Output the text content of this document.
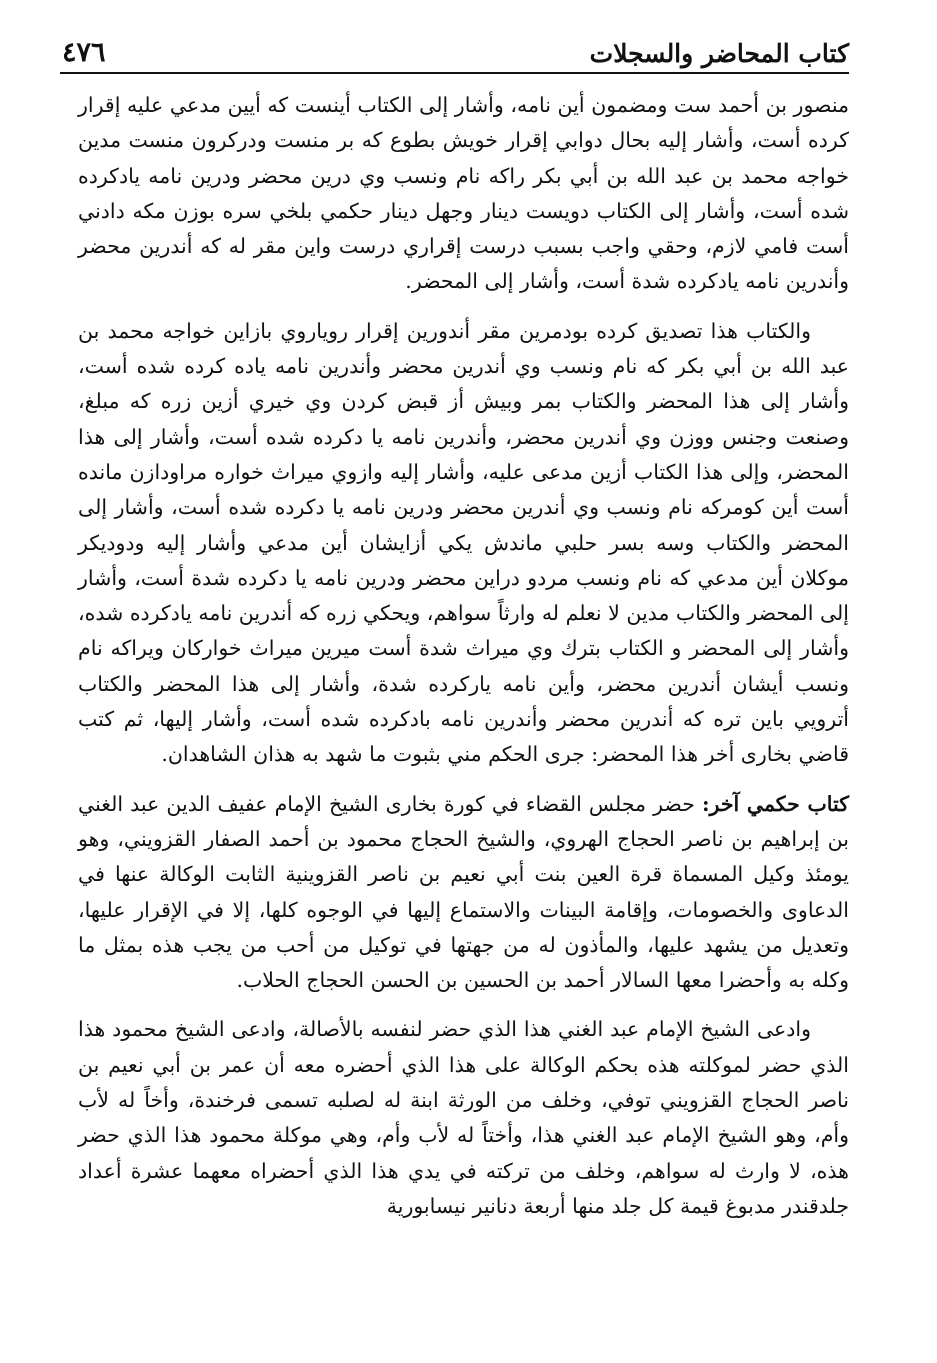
كتاب المحاضر والسجلات
٤٧٦

منصور بن أحمد ست ومضمون أين نامه، وأشار إلى الكتاب أينست كه أيين مدعي عليه إقرار كرده أست، وأشار إليه بحال دوابي إقرار خويش بطوع كه بر منست ودركرون منست مدين خواجه محمد بن عبد الله بن أبي بكر راكه نام ونسب وي درين محضر ودرين نامه يادكرده شده أست، وأشار إلى الكتاب دويست دينار وجهل دينار حكمي بلخي سره بوزن مكه دادني أست فامي لازم، وحقي واجب بسبب درست إقراري درست واين مقر له كه أندرين محضر وأندرين نامه يادكرده شدة أست، وأشار إلى المحضر.

والكتاب هذا تصديق كرده بودمرين مقر أندورين إقرار روياروي بازاين خواجه محمد بن عبد الله بن أبي بكر كه نام ونسب وي أندرين محضر وأندرين نامه ياده كرده شده أست، وأشار إلى هذا المحضر والكتاب بمر وبيش أز قبض كردن وي خيري أزين زره كه مبلغ، وصنعت وجنس ووزن وي أندرين محضر، وأندرين نامه يا دكرده شده أست، وأشار إلى هذا المحضر، وإلى هذا الكتاب أزين مدعى عليه، وأشار إليه وازوي ميراث خواره مراودازن مانده أست أين كومركه نام ونسب وي أندرين محضر ودرين نامه يا دكرده شده أست، وأشار إلى المحضر والكتاب وسه بسر حلبي ماندش يكي أزايشان أين مدعي وأشار إليه ودوديكر موكلان أين مدعي كه نام ونسب مردو دراين محضر ودرين نامه يا دكرده شدة أست، وأشار إلى المحضر والكتاب مدين لا نعلم له وارثاً سواهم، ويحكي زره كه أندرين نامه يادكرده شده، وأشار إلى المحضر و الكتاب بترك وي ميراث شدة أست ميرين ميراث خواركان ويراكه نام ونسب أيشان أندرين محضر، وأين نامه ياركرده شدة، وأشار إلى هذا المحضر والكتاب أترويي باين تره كه أندرين محضر وأندرين نامه بادكرده شده أست، وأشار إليها، ثم كتب قاضي بخارى أخر هذا المحضر: جرى الحكم مني بثبوت ما شهد به هذان الشاهدان.

كتاب حكمي آخر: حضر مجلس القضاء في كورة بخارى الشيخ الإمام عفيف الدين عبد الغني بن إبراهيم بن ناصر الحجاج الهروي، والشيخ الحجاج محمود بن أحمد الصفار القزويني، وهو يومئذ وكيل المسماة قرة العين بنت أبي نعيم بن ناصر القزوينية الثابت الوكالة عنها في الدعاوى والخصومات، وإقامة البينات والاستماع إليها في الوجوه كلها، إلا في الإقرار عليها، وتعديل من يشهد عليها، والمأذون له من جهتها في توكيل من أحب من يجب هذه بمثل ما وكله به وأحضرا معها السالار أحمد بن الحسين بن الحسن الحجاج الحلاب.

وادعى الشيخ الإمام عبد الغني هذا الذي حضر لنفسه بالأصالة، وادعى الشيخ محمود هذا الذي حضر لموكلته هذه بحكم الوكالة على هذا الذي أحضره معه أن عمر بن أبي نعيم بن ناصر الحجاج القزويني توفي، وخلف من الورثة ابنة له لصلبه تسمى فرخندة، وأخاً له لأب وأم، وهو الشيخ الإمام عبد الغني هذا، وأختاً له لأب وأم، وهي موكلة محمود هذا الذي حضر هذه، لا وارث له سواهم، وخلف من تركته في يدي هذا الذي أحضراه معهما عشرة أعداد جلدقندر مدبوغ قيمة كل جلد منها أربعة دنانير نيسابورية
